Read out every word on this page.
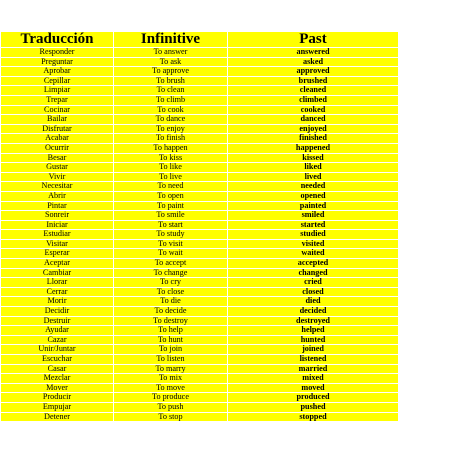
Traducción	Infinitive	Past
Responder	To answer	answered
Preguntar	To ask	asked
Aprobar	To approve	approved
Cepillar	To brush	brushed
Limpiar	To clean	cleaned
Trepar	To climb	climbed
Cocinar	To cook	cooked
Bailar	To dance	danced
Disfrutar	To enjoy	enjoyed
Acabar	To finish	finished
Ocurrir	To happen	happened
Besar	To kiss	kissed
Gustar	To like	liked
Vivir	To live	lived
Necesitar	To need	needed
Abrir	To open	opened
Pintar	To paint	painted
Sonreir	To smile	smiled
Iniciar	To start	started
Estudiar	To study	studied
Visitar	To visit	visited
Esperar	To wait	waited
Aceptar	To accept	accepted
Cambiar	To change	changed
Llorar	To cry	cried
Cerrar	To close	closed
Morir	To die	died
Decidir	To decide	decided
Destruir	To destroy	destroyed
Ayudar	To help	helped
Cazar	To hunt	hunted
Unir/Juntar	To join	joined
Escuchar	To listen	listened
Casar	To marry	married
Mezclar	To mix	mixed
Mover	To move	moved
Producir	To produce	produced
Empujar	To push	pushed
Detener	To stop	stopped
